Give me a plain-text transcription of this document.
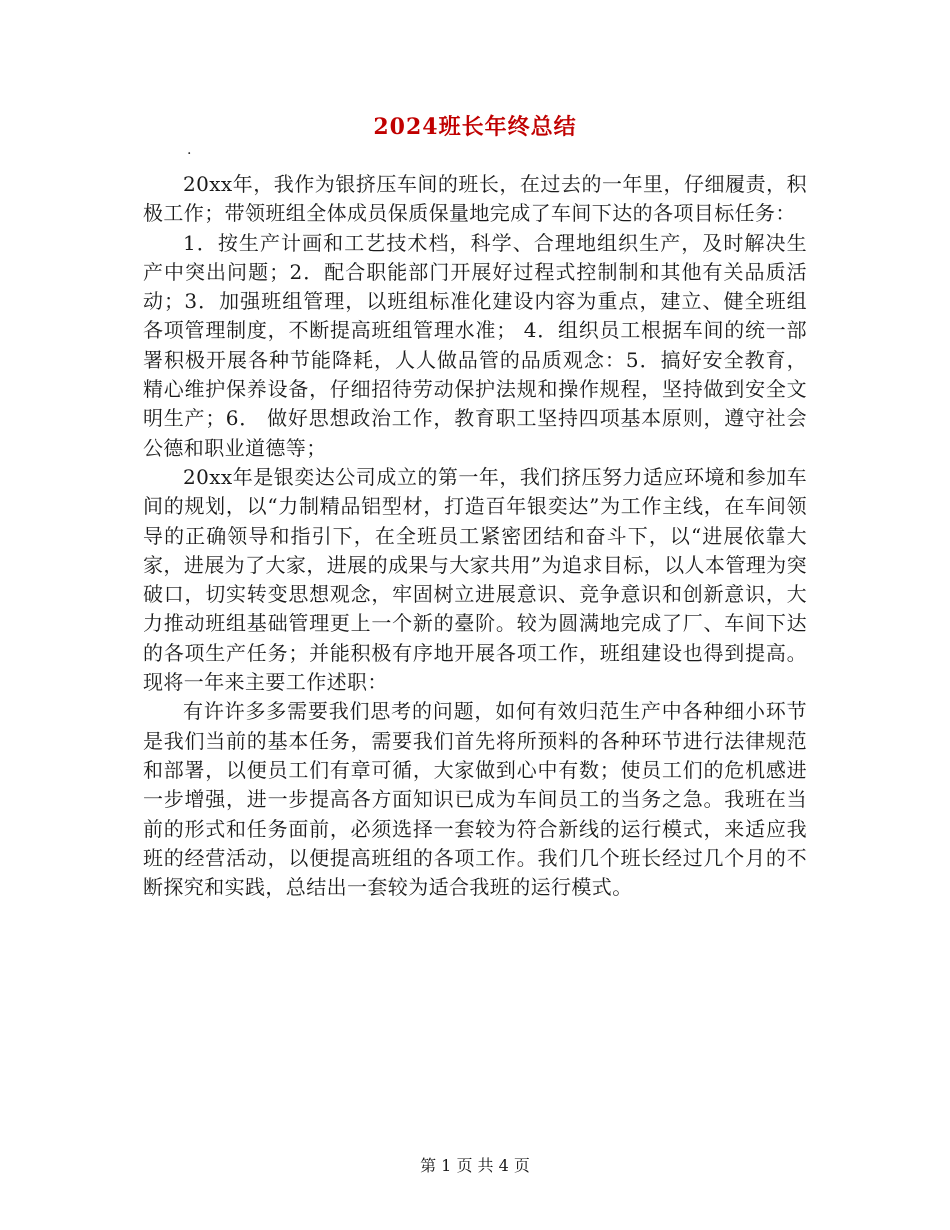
2024班长年终总结
.

20xx年，我作为银挤压车间的班长，在过去的一年里，仔细履责，积极工作；带领班组全体成员保质保量地完成了车间下达的各项目标任务：

1．按生产计画和工艺技术档，科学、合理地组织生产，及时解决生产中突出问题；2．配合职能部门开展好过程式控制制和其他有关品质活动；3．加强班组管理，以班组标准化建设内容为重点，建立、健全班组各项管理制度，不断提高班组管理水准； 4．组织员工根据车间的统一部署积极开展各种节能降耗，人人做品管的品质观念：5．搞好安全教育，精心维护保养设备，仔细招待劳动保护法规和操作规程，坚持做到安全文明生产；6． 做好思想政治工作，教育职工坚持四项基本原则，遵守社会公德和职业道德等；

20xx年是银奕达公司成立的第一年，我们挤压努力适应环境和参加车间的规划，以“力制精品铝型材，打造百年银奕达”为工作主线，在车间领导的正确领导和指引下，在全班员工紧密团结和奋斗下，以“进展依靠大家，进展为了大家，进展的成果与大家共用”为追求目标，以人本管理为突破口，切实转变思想观念，牢固树立进展意识、竞争意识和创新意识，大力推动班组基础管理更上一个新的臺阶。较为圆满地完成了厂、车间下达的各项生产任务；并能积极有序地开展各项工作，班组建设也得到提高。现将一年来主要工作述职：

有许许多多需要我们思考的问题，如何有效归范生产中各种细小环节是我们当前的基本任务，需要我们首先将所预料的各种环节进行法律规范和部署，以便员工们有章可循，大家做到心中有数；使员工们的危机感进一步增强，进一步提高各方面知识已成为车间员工的当务之急。我班在当前的形式和任务面前，必须选择一套较为符合新线的运行模式，来适应我班的经营活动，以便提高班组的各项工作。我们几个班长经过几个月的不断探究和实践，总结出一套较为适合我班的运行模式。

第 1 页 共 4 页
